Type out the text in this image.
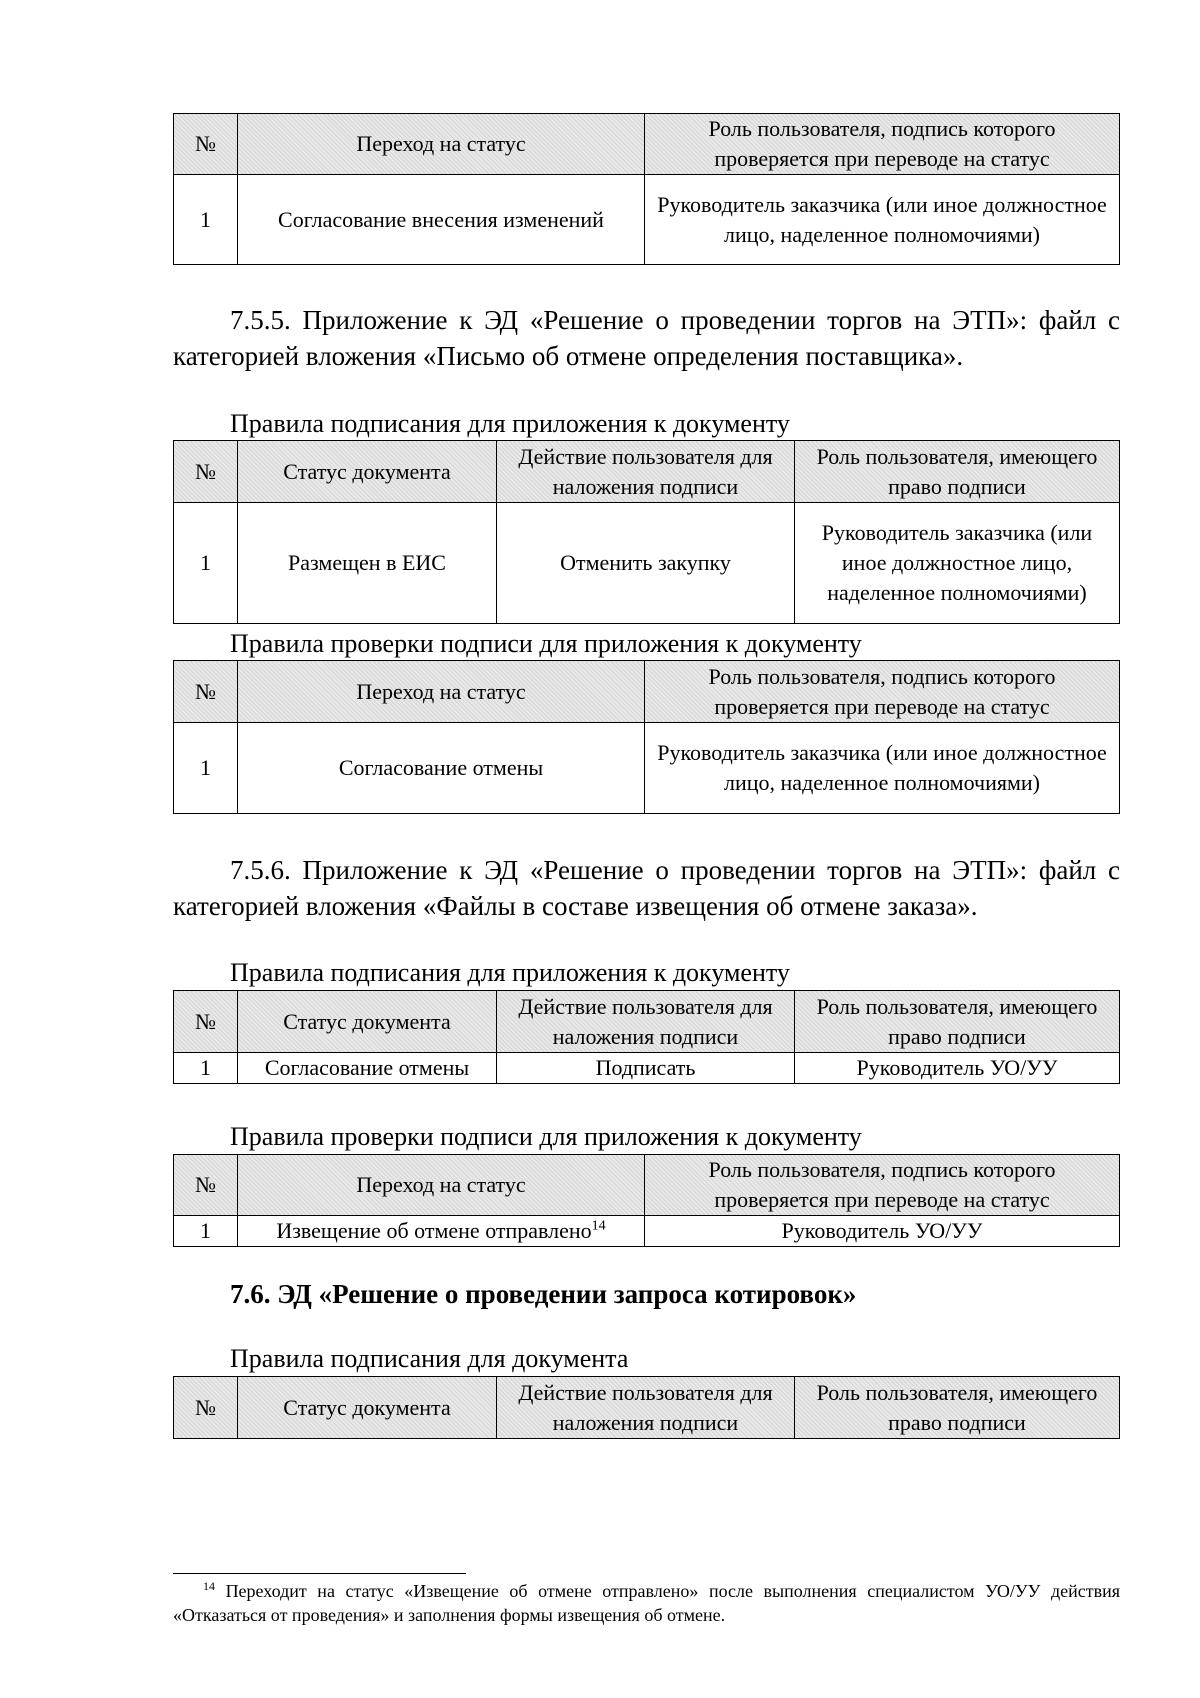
№	Переход на статус	Роль пользователя, подпись которого проверяется при переводе на статус
1	Согласование внесения изменений	Руководитель заказчика (или иное должностное лицо, наделенное полномочиями)
7.5.5. Приложение к ЭД «Решение о проведении торгов на ЭТП»: файл с категорией вложения «Письмо об отмене определения поставщика».
Правила подписания для приложения к документу
№	Статус документа	Действие пользователя для наложения подписи	Роль пользователя, имеющего право подписи
1	Размещен в ЕИС	Отменить закупку	Руководитель заказчика (или иное должностное лицо, наделенное полномочиями)
Правила проверки подписи для приложения к документу
№	Переход на статус	Роль пользователя, подпись которого проверяется при переводе на статус
1	Согласование отмены	Руководитель заказчика (или иное должностное лицо, наделенное полномочиями)
7.5.6. Приложение к ЭД «Решение о проведении торгов на ЭТП»: файл с категорией вложения «Файлы в составе извещения об отмене заказа».
Правила подписания для приложения к документу
№	Статус документа	Действие пользователя для наложения подписи	Роль пользователя, имеющего право подписи
1	Согласование отмены	Подписать	Руководитель УО/УУ
Правила проверки подписи для приложения к документу
№	Переход на статус	Роль пользователя, подпись которого проверяется при переводе на статус
1	Извещение об отмене отправлено$^{14}$	Руководитель УО/УУ
7.6. ЭД «Решение о проведении запроса котировок»
Правила подписания для документа
№	Статус документа	Действие пользователя для наложения подписи	Роль пользователя, имеющего право подписи
$^{14}$ Переходит на статус «Извещение об отмене отправлено» после выполнения специалистом УО/УУ действия «Отказаться от проведения» и заполнения формы извещения об отмене.
